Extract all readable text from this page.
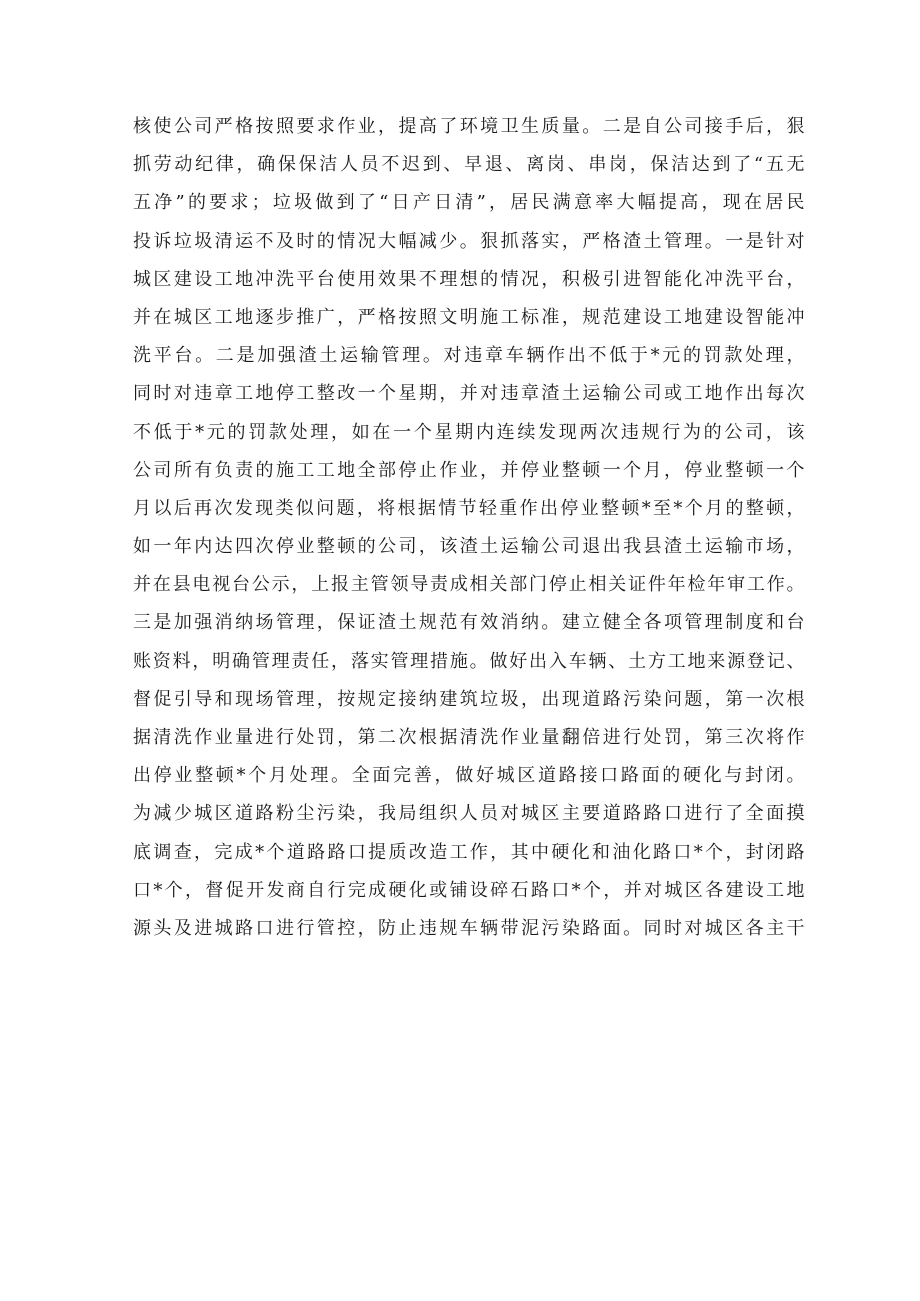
核使公司严格按照要求作业，提高了环境卫生质量。二是自公司接手后，狠
抓劳动纪律，确保保洁人员不迟到、早退、离岗、串岗，保洁达到了“五无
五净”的要求；垃圾做到了“日产日清”，居民满意率大幅提高，现在居民
投诉垃圾清运不及时的情况大幅减少。狠抓落实，严格渣土管理。一是针对
城区建设工地冲洗平台使用效果不理想的情况，积极引进智能化冲洗平台，
并在城区工地逐步推广，严格按照文明施工标准，规范建设工地建设智能冲
洗平台。二是加强渣土运输管理。对违章车辆作出不低于*元的罚款处理，
同时对违章工地停工整改一个星期，并对违章渣土运输公司或工地作出每次
不低于*元的罚款处理，如在一个星期内连续发现两次违规行为的公司，该
公司所有负责的施工工地全部停止作业，并停业整顿一个月，停业整顿一个
月以后再次发现类似问题，将根据情节轻重作出停业整顿*至*个月的整顿，
如一年内达四次停业整顿的公司，该渣土运输公司退出我县渣土运输市场，
并在县电视台公示，上报主管领导责成相关部门停止相关证件年检年审工作。
三是加强消纳场管理，保证渣土规范有效消纳。建立健全各项管理制度和台
账资料，明确管理责任，落实管理措施。做好出入车辆、土方工地来源登记、
督促引导和现场管理，按规定接纳建筑垃圾，出现道路污染问题，第一次根
据清洗作业量进行处罚，第二次根据清洗作业量翻倍进行处罚，第三次将作
出停业整顿*个月处理。全面完善，做好城区道路接口路面的硬化与封闭。
为减少城区道路粉尘污染，我局组织人员对城区主要道路路口进行了全面摸
底调查，完成*个道路路口提质改造工作，其中硬化和油化路口*个，封闭路
口*个，督促开发商自行完成硬化或铺设碎石路口*个，并对城区各建设工地
源头及进城路口进行管控，防止违规车辆带泥污染路面。同时对城区各主干
